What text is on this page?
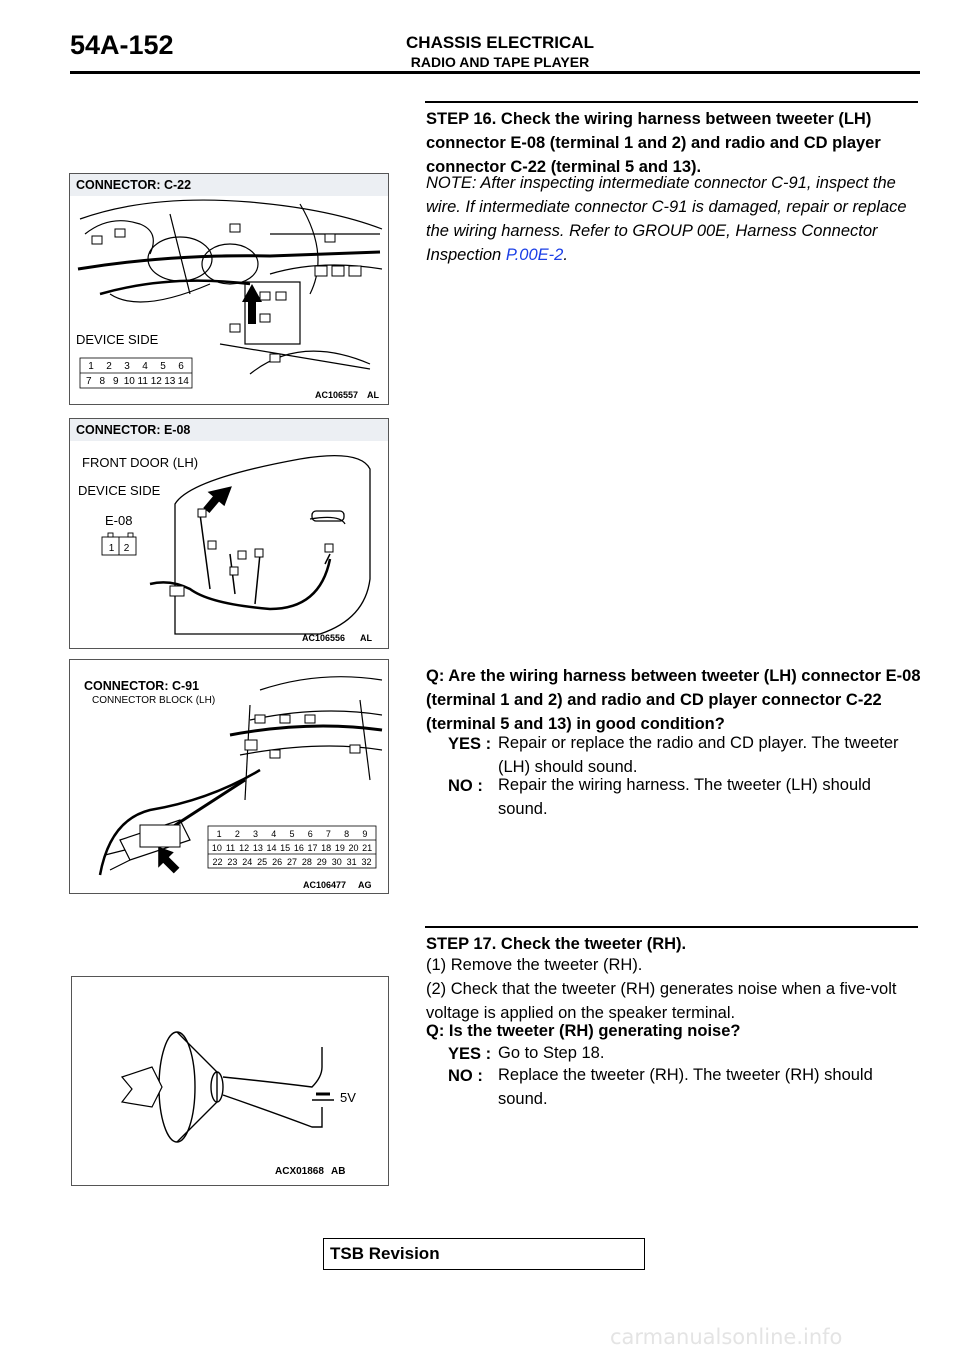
54A-152	CHASSIS ELECTRICAL
RADIO AND TAPE PLAYER
STEP 16. Check the wiring harness between tweeter (LH) connector E-08 (terminal 1 and 2) and radio and CD player connector C-22 (terminal 5 and 13).
NOTE: After inspecting intermediate connector C-91, inspect the wire. If intermediate connector C-91 is damaged, repair or replace the wiring harness. Refer to GROUP 00E, Harness Connector Inspection P.00E-2.
Q: Are the wiring harness between tweeter (LH) connector E-08 (terminal 1 and 2) and radio and CD player connector C-22 (terminal 5 and 13) in good condition?
YES : Repair or replace the radio and CD player. The tweeter (LH) should sound.
NO : Repair the wiring harness. The tweeter (LH) should sound.
STEP 17. Check the tweeter (RH).
(1) Remove the tweeter (RH).
(2) Check that the tweeter (RH) generates noise when a five-volt voltage is applied on the speaker terminal.
Q: Is the tweeter (RH) generating noise?
YES : Go to Step 18.
NO : Replace the tweeter (RH). The tweeter (RH) should sound.
CONNECTOR: C-22
DEVICE SIDE
1 2 3 4 5 6
7 8 9 10 11 12 13 14
AC106557 AL
CONNECTOR: E-08
FRONT DOOR (LH)
DEVICE SIDE
E-08
1 2
AC106556 AL
CONNECTOR: C-91
CONNECTOR BLOCK (LH)
1 2 3 4 5 6 7 8 9
10 11 12 13 14 15 16 17 18 19 20 21
22 23 24 25 26 27 28 29 30 31 32
AC106477 AG
5V
ACX01868 AB
TSB Revision
carmanualsonline.info
